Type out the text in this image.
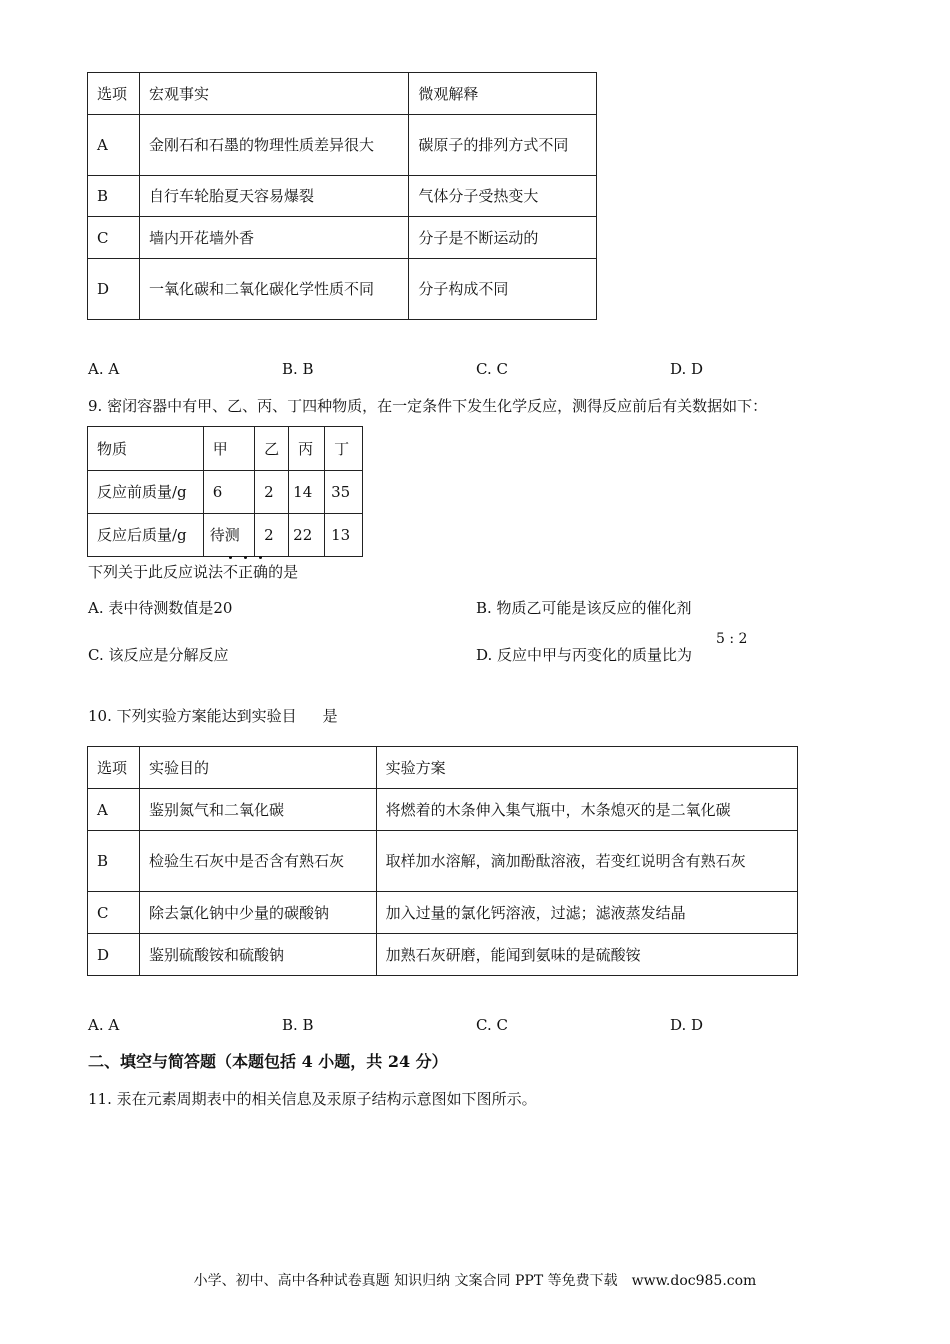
选项	宏观事实	微观解释
A	金刚石和石墨的物理性质差异很大	碳原子的排列方式不同
B	自行车轮胎夏天容易爆裂	气体分子受热变大
C	墙内开花墙外香	分子是不断运动的
D	一氧化碳和二氧化碳化学性质不同	分子构成不同
A. A	B. B	C. C	D. D
9. 密闭容器中有甲、乙、丙、丁四种物质，在一定条件下发生化学反应，测得反应前后有关数据如下：
物质	甲	乙	丙	丁
反应前质量/g	6	2	14	35
反应后质量/g	待测	2	22	13
下列关于此反应说法不正确的是
A. 表中待测数值是20	B. 物质乙可能是该反应的催化剂
C. 该反应是分解反应	D. 反应中甲与丙变化的质量比为
5 : 2
10. 下列实验方案能达到实验目 是
选项	实验目的	实验方案
A	鉴别氮气和二氧化碳	将燃着的木条伸入集气瓶中，木条熄灭的是二氧化碳
B	检验生石灰中是否含有熟石灰	取样加水溶解，滴加酚酞溶液，若变红说明含有熟石灰
C	除去氯化钠中少量的碳酸钠	加入过量的氯化钙溶液，过滤；滤液蒸发结晶
D	鉴别硫酸铵和硫酸钠	加熟石灰研磨，能闻到氨味的是硫酸铵
A. A	B. B	C. C	D. D
二、填空与简答题（本题包括 4 小题，共 24 分）
11. 汞在元素周期表中的相关信息及汞原子结构示意图如下图所示。
小学、初中、高中各种试卷真题 知识归纳 文案合同 PPT 等免费下载　www.doc985.com
